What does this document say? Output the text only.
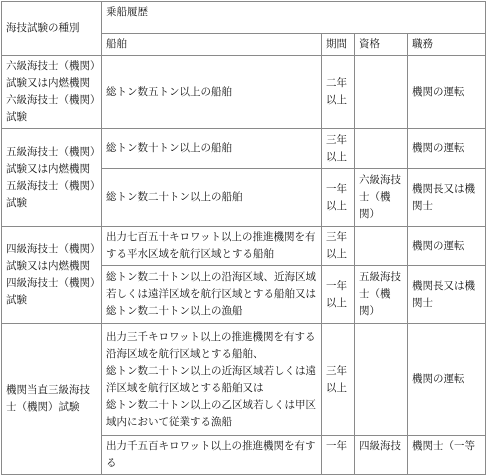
海技試験の種別	乗船履歴			
	船舶	期間	資格	職務
六級海技士（機関）試験又は内燃機関六級海技士（機関）試験	総トン数五トン以上の船舶	二年以上		機関の運転
五級海技士（機関）試験又は内燃機関五級海技士（機関）試験	総トン数十トン以上の船舶	三年以上		機関の運転
	総トン数二十トン以上の船舶	一年以上	六級海技士（機関）	機関長又は機関士
四級海技士（機関）試験又は内燃機関四級海技士（機関）試験	出力七百五十キロワット以上の推進機関を有する平水区域を航行区域とする船舶	三年以上		機関の運転
	総トン数二十トン以上の沿海区域、近海区域若しくは遠洋区域を航行区域とする船舶又は総トン数二十トン以上の漁船	一年以上	五級海技士（機関）	機関長又は機関士
機関当直三級海技士（機関）試験	出力三千キロワット以上の推進機関を有する沿海区域を航行区域とする船舶、
総トン数二十トン以上の近海区域若しくは遠洋区域を航行区域とする船舶又は
総トン数二十トン以上の乙区域若しくは甲区域内において従業する漁船	三年以上		機関の運転
	出力千五百キロワット以上の推進機関を有する	一年	四級海技	機関士（一等
